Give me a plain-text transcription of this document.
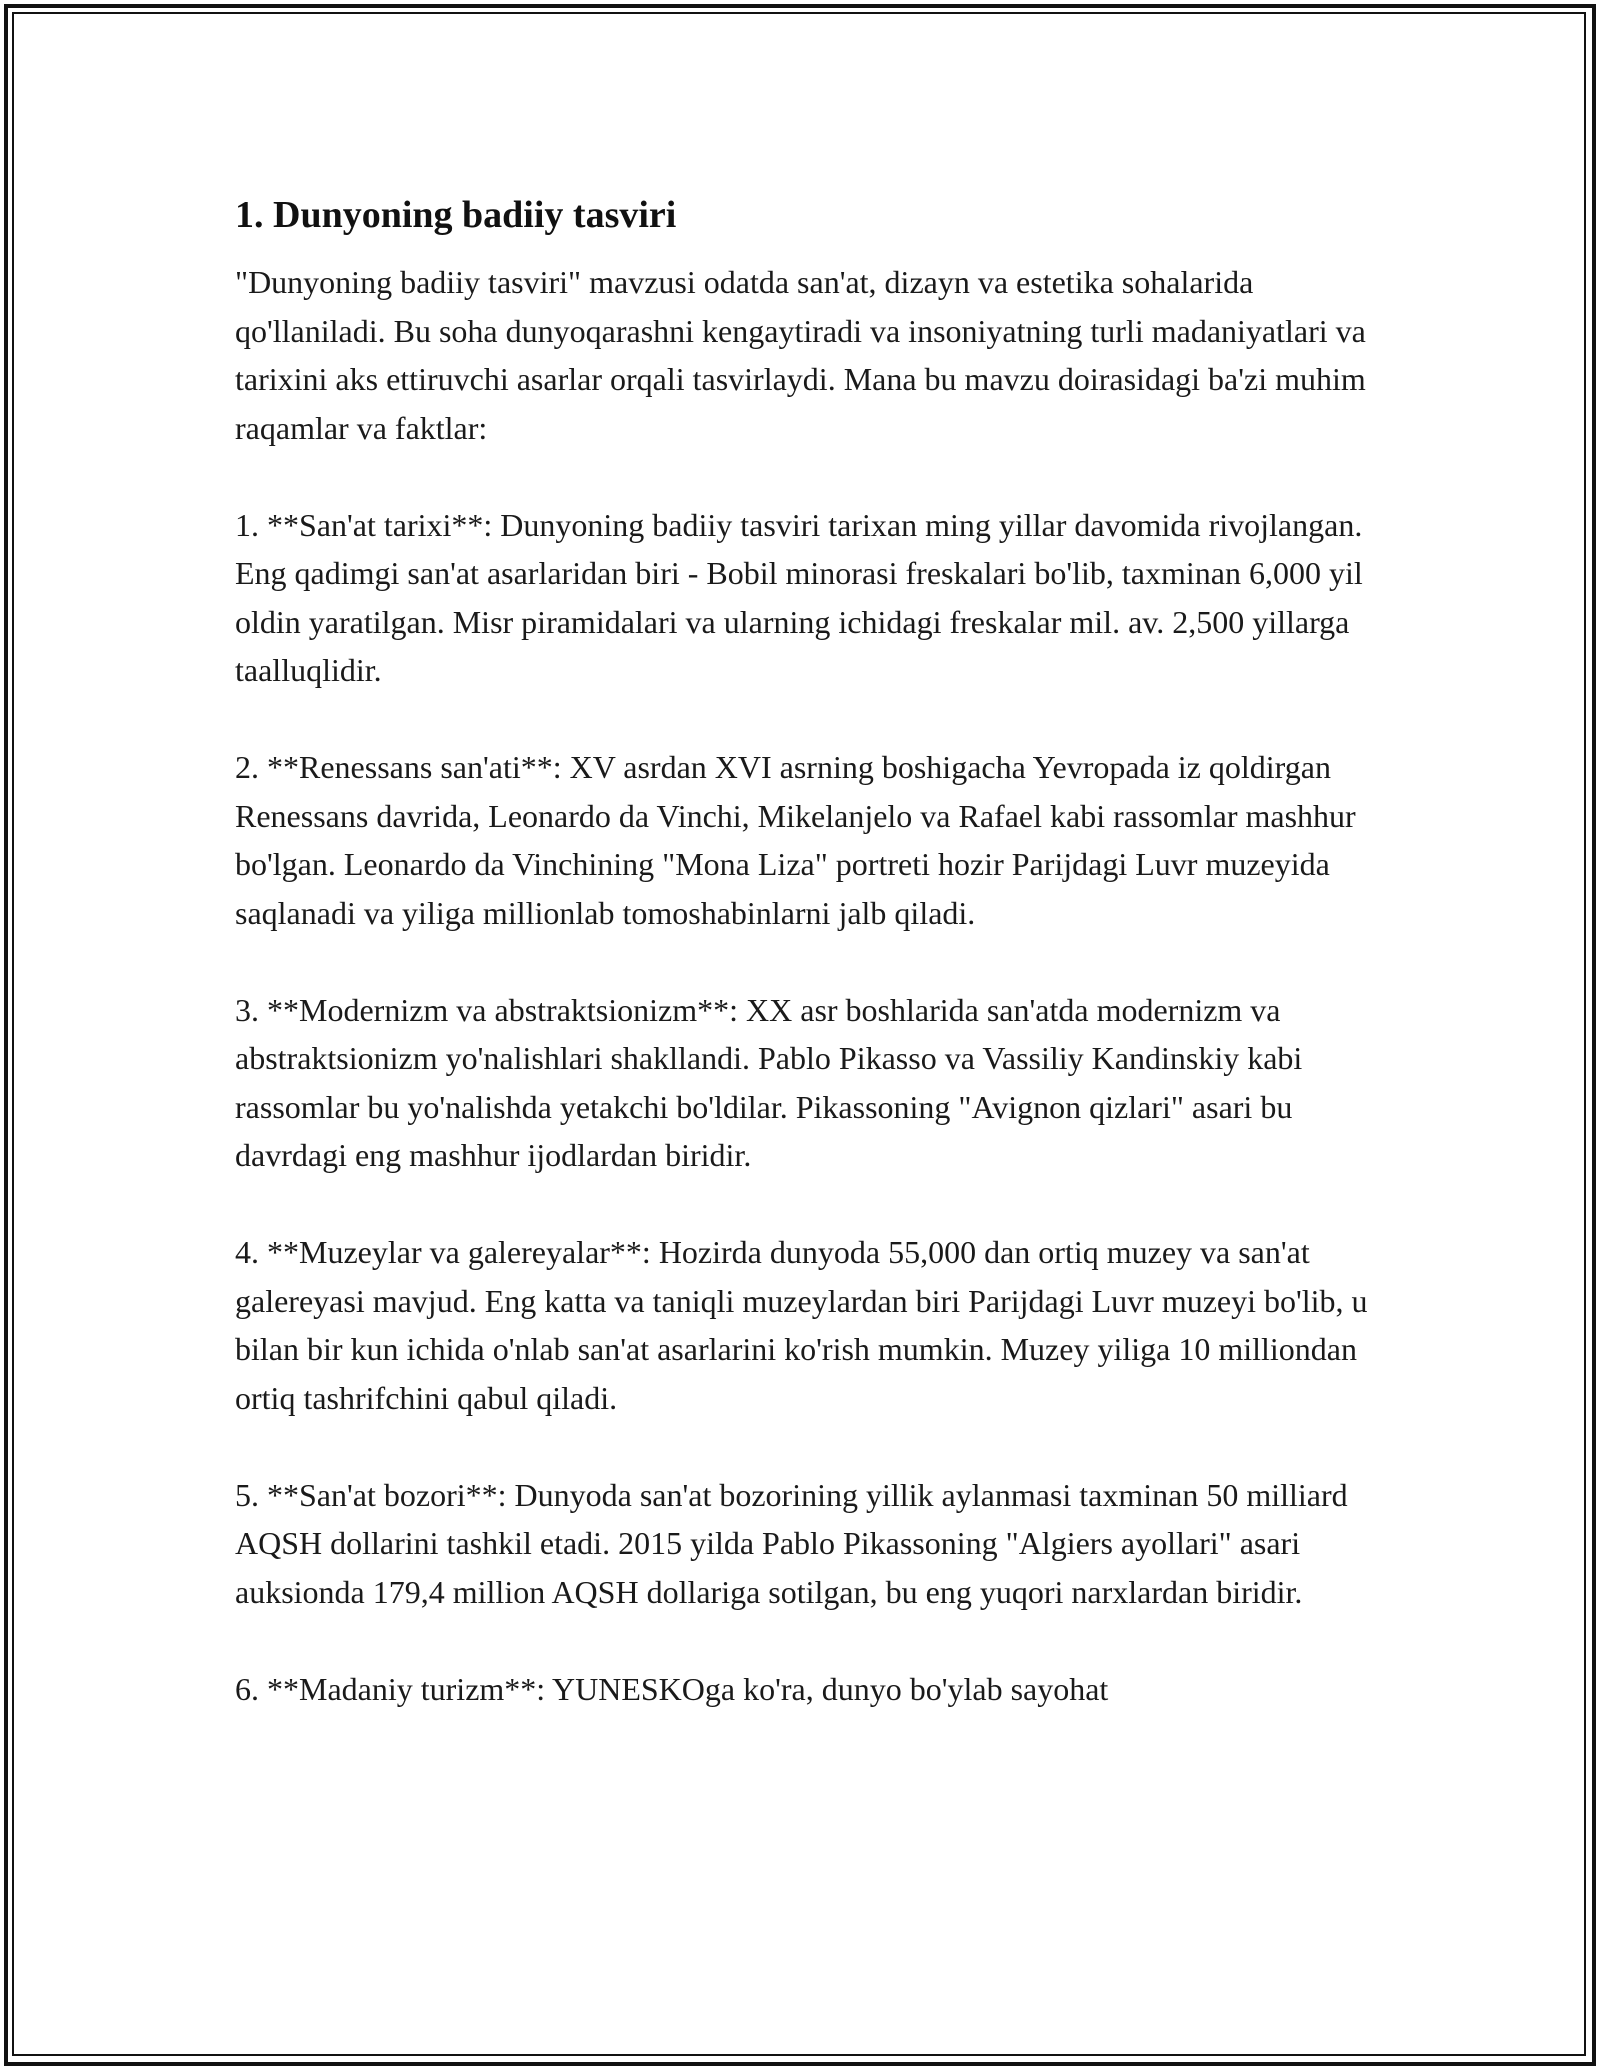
1. Dunyoning badiiy tasviri

"Dunyoning badiiy tasviri" mavzusi odatda san'at, dizayn va estetika sohalarida qo'llaniladi. Bu soha dunyoqarashni kengaytiradi va insoniyatning turli madaniyatlari va tarixini aks ettiruvchi asarlar orqali tasvirlaydi. Mana bu mavzu doirasidagi ba'zi muhim raqamlar va faktlar:

1. **San'at tarixi**: Dunyoning badiiy tasviri tarixan ming yillar davomida rivojlangan. Eng qadimgi san'at asarlaridan biri - Bobil minorasi freskalari bo'lib, taxminan 6,000 yil oldin yaratilgan. Misr piramidalari va ularning ichidagi freskalar mil. av. 2,500 yillarga taalluqlidir.

2. **Renessans san'ati**: XV asrdan XVI asrning boshigacha Yevropada iz qoldirgan Renessans davrida, Leonardo da Vinchi, Mikelanjelo va Rafael kabi rassomlar mashhur bo'lgan. Leonardo da Vinchining "Mona Liza" portreti hozir Parijdagi Luvr muzeyida saqlanadi va yiliga millionlab tomoshabinlarni jalb qiladi.

3. **Modernizm va abstraktsionizm**: XX asr boshlarida san'atda modernizm va abstraktsionizm yo'nalishlari shakllandi. Pablo Pikasso va Vassiliy Kandinskiy kabi rassomlar bu yo'nalishda yetakchi bo'ldilar. Pikassoning "Avignon qizlari" asari bu davrdagi eng mashhur ijodlardan biridir.

4. **Muzeylar va galereyalar**: Hozirda dunyoda 55,000 dan ortiq muzey va san'at galereyasi mavjud. Eng katta va taniqli muzeylardan biri Parijdagi Luvr muzeyi bo'lib, u bilan bir kun ichida o'nlab san'at asarlarini ko'rish mumkin. Muzey yiliga 10 milliondan ortiq tashrifchini qabul qiladi.

5. **San'at bozori**: Dunyoda san'at bozorining yillik aylanmasi taxminan 50 milliard AQSH dollarini tashkil etadi. 2015 yilda Pablo Pikassoning "Algiers ayollari" asari auksionda 179,4 million AQSH dollariga sotilgan, bu eng yuqori narxlardan biridir.

6. **Madaniy turizm**: YUNESKOga ko'ra, dunyo bo'ylab sayohat
